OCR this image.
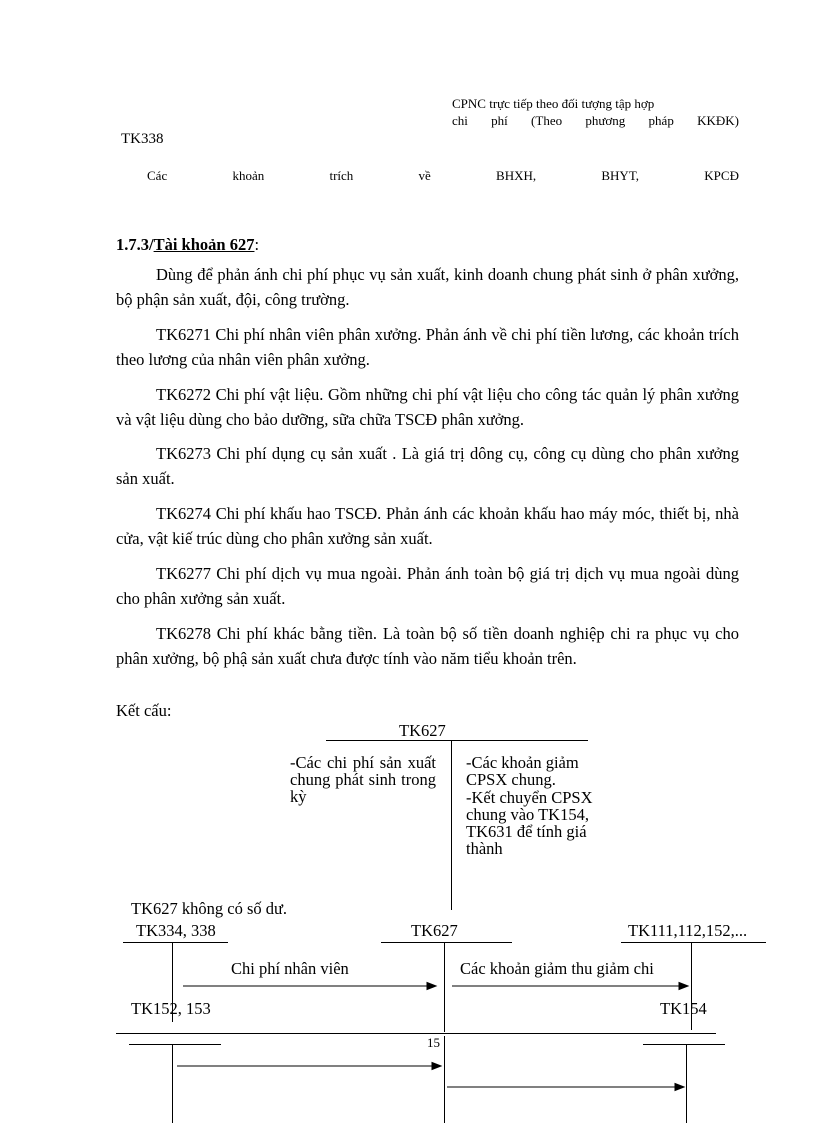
CPNC trực tiếp theo đối tượng tập hợp
chi phí (Theo phương pháp KKĐK)
TK338
Các	khoản	trích	về	BHXH,	BHYT,	KPCĐ
1.7.3/Tài khoản 627:

Dùng để phản ánh chi phí phục vụ sản xuất, kinh doanh chung phát sinh ở phân xưởng, bộ phận sản xuất, đội, công trường.

TK6271 Chi phí nhân viên phân xưởng. Phản ánh về chi phí tiền lương, các khoản trích theo lương của nhân viên phân xưởng.

TK6272 Chi phí vật liệu. Gồm những chi phí vật liệu cho công tác quản lý phân xưởng và vật liệu dùng cho bảo dưỡng, sữa chữa TSCĐ phân xưởng.

TK6273 Chi phí dụng cụ sản xuất . Là giá trị dông cụ, công cụ dùng cho phân xưởng sản xuất.

TK6274 Chi phí khấu hao TSCĐ. Phản ánh các khoản khấu hao máy móc, thiết bị, nhà cửa, vật kiế trúc dùng cho phân xưởng sản xuất.

TK6277 Chi phí dịch vụ mua ngoài. Phản ánh toàn bộ giá trị dịch vụ mua ngoài dùng cho phân xưởng sản xuất.

TK6278 Chi phí khác bằng tiền. Là toàn bộ số tiền doanh nghiệp chi ra phục vụ cho phân xưởng, bộ phậ sản xuất chưa được tính vào năm tiểu khoản trên.

Kết cấu:
TK627
-Các chi phí sản xuất chung phát sinh trong kỳ
-Các khoản giảm CPSX chung.
-Kết chuyển CPSX chung vào TK154, TK631 để tính giá thành
TK627 không có số dư.
TK334, 338	TK627	TK111,112,152,...
Chi phí nhân viên	Các khoản giảm thu giảm chi
TK152, 153	TK154
15
